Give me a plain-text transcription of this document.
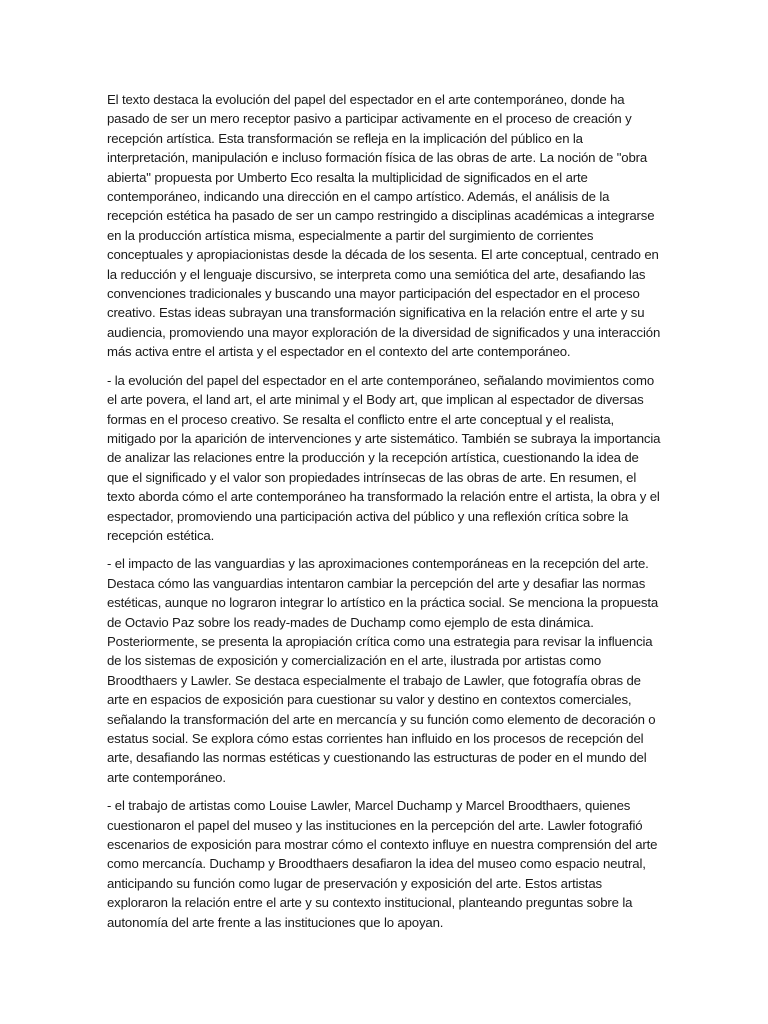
El texto destaca la evolución del papel del espectador en el arte contemporáneo, donde ha pasado de ser un mero receptor pasivo a participar activamente en el proceso de creación y recepción artística. Esta transformación se refleja en la implicación del público en la interpretación, manipulación e incluso formación física de las obras de arte. La noción de "obra abierta" propuesta por Umberto Eco resalta la multiplicidad de significados en el arte contemporáneo, indicando una dirección en el campo artístico. Además, el análisis de la recepción estética ha pasado de ser un campo restringido a disciplinas académicas a integrarse en la producción artística misma, especialmente a partir del surgimiento de corrientes conceptuales y apropiacionistas desde la década de los sesenta. El arte conceptual, centrado en la reducción y el lenguaje discursivo, se interpreta como una semiótica del arte, desafiando las convenciones tradicionales y buscando una mayor participación del espectador en el proceso creativo. Estas ideas subrayan una transformación significativa en la relación entre el arte y su audiencia, promoviendo una mayor exploración de la diversidad de significados y una interacción más activa entre el artista y el espectador en el contexto del arte contemporáneo.

- la evolución del papel del espectador en el arte contemporáneo, señalando movimientos como el arte povera, el land art, el arte minimal y el Body art, que implican al espectador de diversas formas en el proceso creativo. Se resalta el conflicto entre el arte conceptual y el realista, mitigado por la aparición de intervenciones y arte sistemático. También se subraya la importancia de analizar las relaciones entre la producción y la recepción artística, cuestionando la idea de que el significado y el valor son propiedades intrínsecas de las obras de arte. En resumen, el texto aborda cómo el arte contemporáneo ha transformado la relación entre el artista, la obra y el espectador, promoviendo una participación activa del público y una reflexión crítica sobre la recepción estética.

- el impacto de las vanguardias y las aproximaciones contemporáneas en la recepción del arte. Destaca cómo las vanguardias intentaron cambiar la percepción del arte y desafiar las normas estéticas, aunque no lograron integrar lo artístico en la práctica social. Se menciona la propuesta de Octavio Paz sobre los ready-mades de Duchamp como ejemplo de esta dinámica. Posteriormente, se presenta la apropiación crítica como una estrategia para revisar la influencia de los sistemas de exposición y comercialización en el arte, ilustrada por artistas como Broodthaers y Lawler. Se destaca especialmente el trabajo de Lawler, que fotografía obras de arte en espacios de exposición para cuestionar su valor y destino en contextos comerciales, señalando la transformación del arte en mercancía y su función como elemento de decoración o estatus social. Se explora cómo estas corrientes han influido en los procesos de recepción del arte, desafiando las normas estéticas y cuestionando las estructuras de poder en el mundo del arte contemporáneo.

- el trabajo de artistas como Louise Lawler, Marcel Duchamp y Marcel Broodthaers, quienes cuestionaron el papel del museo y las instituciones en la percepción del arte. Lawler fotografió escenarios de exposición para mostrar cómo el contexto influye en nuestra comprensión del arte como mercancía. Duchamp y Broodthaers desafiaron la idea del museo como espacio neutral, anticipando su función como lugar de preservación y exposición del arte. Estos artistas exploraron la relación entre el arte y su contexto institucional, planteando preguntas sobre la autonomía del arte frente a las instituciones que lo apoyan.
